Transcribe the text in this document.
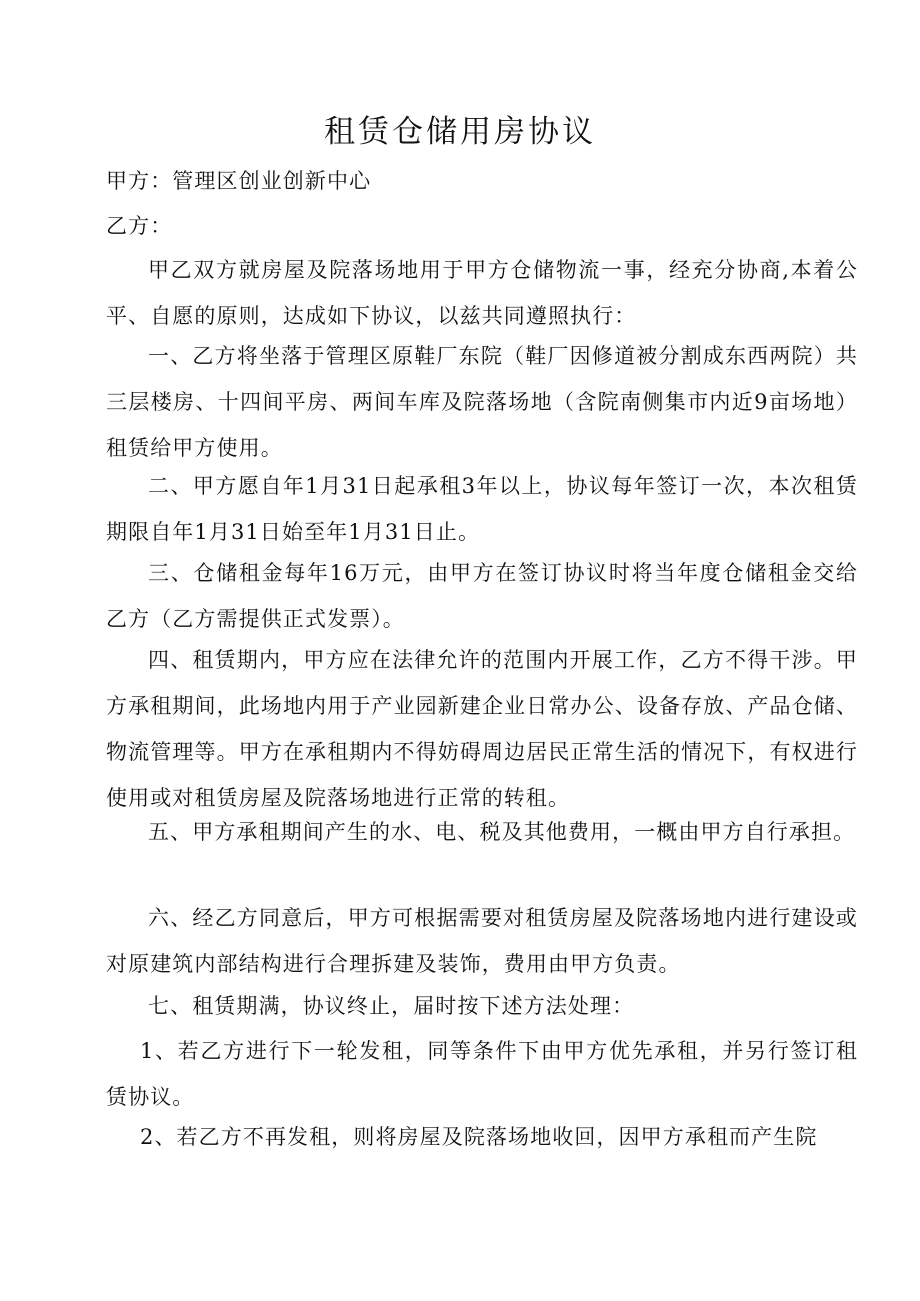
租赁仓储用房协议
甲方：管理区创业创新中心
乙方：

甲乙双方就房屋及院落场地用于甲方仓储物流一事，经充分协商,本着公平、自愿的原则，达成如下协议，以兹共同遵照执行：

一、乙方将坐落于管理区原鞋厂东院（鞋厂因修道被分割成东西两院）共三层楼房、十四间平房、两间车库及院落场地（含院南侧集市内近9亩场地）租赁给甲方使用。

二、甲方愿自年1月31日起承租3年以上，协议每年签订一次，本次租赁期限自年1月31日始至年1月31日止。

三、仓储租金每年16万元，由甲方在签订协议时将当年度仓储租金交给乙方（乙方需提供正式发票）。

四、租赁期内，甲方应在法律允许的范围内开展工作，乙方不得干涉。甲方承租期间，此场地内用于产业园新建企业日常办公、设备存放、产品仓储、物流管理等。甲方在承租期内不得妨碍周边居民正常生活的情况下，有权进行使用或对租赁房屋及院落场地进行正常的转租。

五、甲方承租期间产生的水、电、税及其他费用，一概由甲方自行承担。

六、经乙方同意后，甲方可根据需要对租赁房屋及院落场地内进行建设或对原建筑内部结构进行合理拆建及装饰，费用由甲方负责。

七、租赁期满，协议终止，届时按下述方法处理：

1、若乙方进行下一轮发租，同等条件下由甲方优先承租，并另行签订租赁协议。

2、若乙方不再发租，则将房屋及院落场地收回，因甲方承租而产生院
